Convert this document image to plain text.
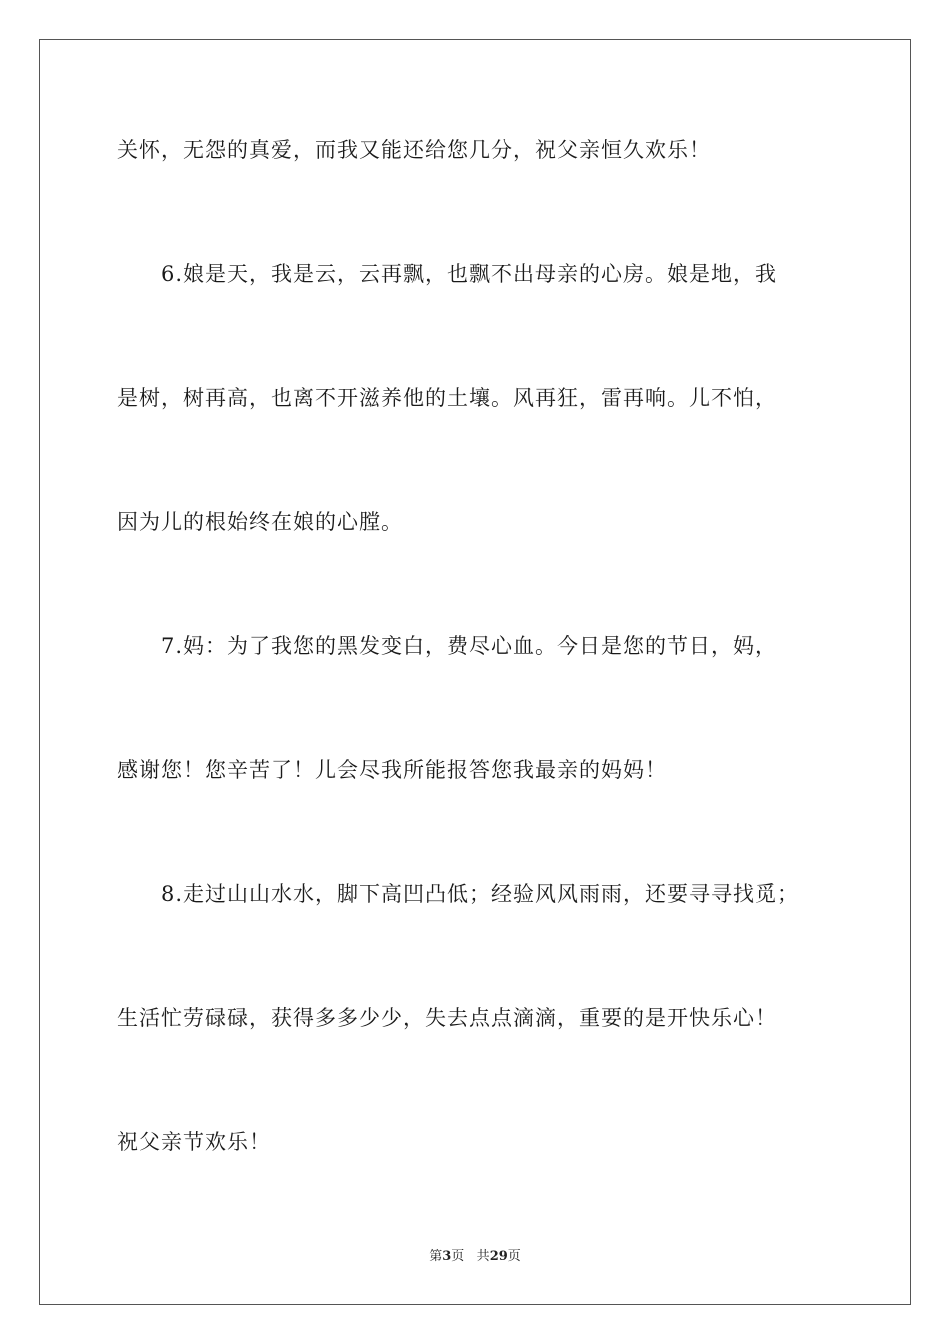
关怀，无怨的真爱，而我又能还给您几分，祝父亲恒久欢乐！
6.娘是天，我是云，云再飘，也飘不出母亲的心房。娘是地，我
是树，树再高，也离不开滋养他的土壤。风再狂，雷再响。儿不怕，
因为儿的根始终在娘的心膛。
7.妈：为了我您的黑发变白，费尽心血。今日是您的节日，妈，
感谢您！您辛苦了！儿会尽我所能报答您我最亲的妈妈！
8.走过山山水水，脚下高凹凸低；经验风风雨雨，还要寻寻找觅；
生活忙劳碌碌，获得多多少少，失去点点滴滴，重要的是开快乐心！
祝父亲节欢乐！
第3页 共29页
